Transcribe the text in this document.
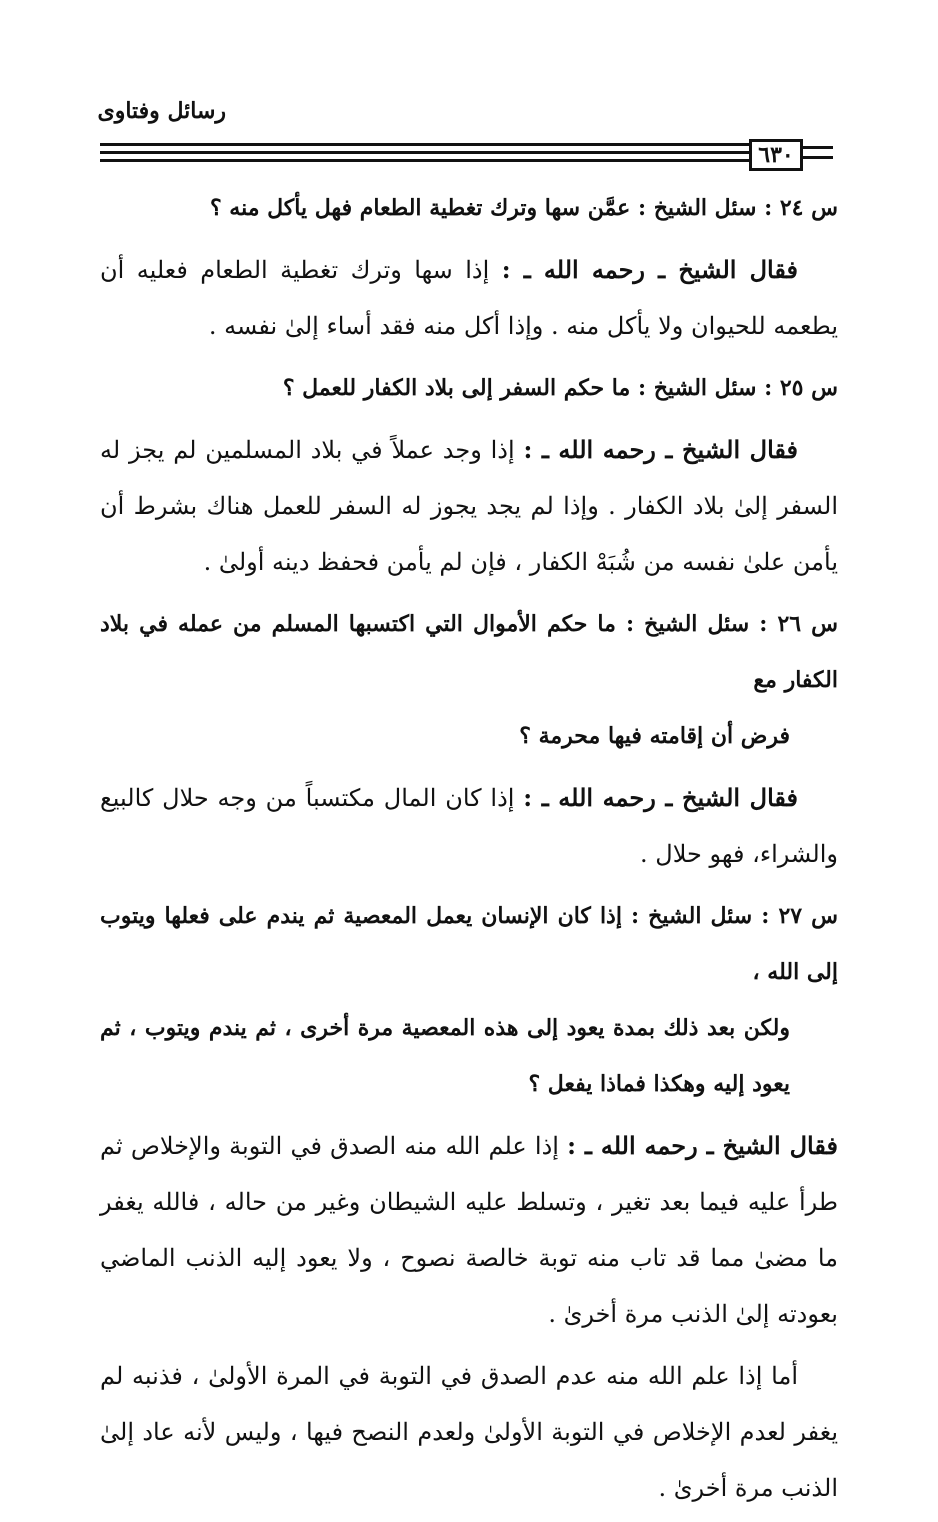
رسائل وفتاوى
٦٣٠

س ٢٤ : سئل الشيخ : عمَّن سها وترك تغطية الطعام فهل يأكل منه ؟

فقال الشيخ ـ رحمه الله ـ : إذا سها وترك تغطية الطعام فعليه أن يطعمه للحيوان ولا يأكل منه . وإذا أكل منه فقد أساء إلىٰ نفسه .

س ٢٥ : سئل الشيخ : ما حكم السفر إلى بلاد الكفار للعمل ؟

فقال الشيخ ـ رحمه الله ـ : إذا وجد عملاً في بلاد المسلمين لم يجز له السفر إلىٰ بلاد الكفار . وإذا لم يجد يجوز له السفر للعمل هناك بشرط أن يأمن علىٰ نفسه من شُبَهْ الكفار ، فإن لم يأمن فحفظ دينه أولىٰ .

س ٢٦ : سئل الشيخ : ما حكم الأموال التي اكتسبها المسلم من عمله في بلاد الكفار مع
فرض أن إقامته فيها محرمة ؟

فقال الشيخ ـ رحمه الله ـ : إذا كان المال مكتسباً من وجه حلال كالبيع والشراء، فهو حلال .

س ٢٧ : سئل الشيخ : إذا كان الإنسان يعمل المعصية ثم يندم على فعلها ويتوب إلى الله ،
ولكن بعد ذلك بمدة يعود إلى هذه المعصية مرة أخرى ، ثم يندم ويتوب ، ثم يعود إليه وهكذا فماذا يفعل ؟

فقال الشيخ ـ رحمه الله ـ : إذا علم الله منه الصدق في التوبة والإخلاص ثم طرأ عليه فيما بعد تغير ، وتسلط عليه الشيطان وغير من حاله ، فالله يغفر ما مضىٰ مما قد تاب منه توبة خالصة نصوح ، ولا يعود إليه الذنب الماضي بعودته إلىٰ الذنب مرة أخرىٰ .

أما إذا علم الله منه عدم الصدق في التوبة في المرة الأولىٰ ، فذنبه لم يغفر لعدم الإخلاص في التوبة الأولىٰ ولعدم النصح فيها ، وليس لأنه عاد إلىٰ الذنب مرة أخرىٰ .
